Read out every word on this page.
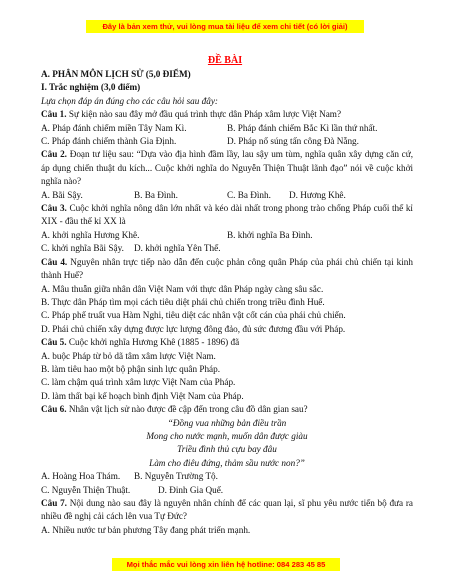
Đây là bản xem thử, vui lòng mua tài liệu để xem chi tiết (có lời giải)
ĐỀ BÀI

A. PHÂN MÔN LỊCH SỬ (5,0 ĐIỂM)

I. Trắc nghiệm (3,0 điểm)

Lựa chọn đáp án đúng cho các câu hỏi sau đây:

Câu 1. Sự kiện nào sau đây mở đầu quá trình thực dân Pháp xâm lược Việt Nam?

A. Pháp đánh chiếm miền Tây Nam Kì.	B. Pháp đánh chiếm Bắc Kì lần thứ nhất.
C. Pháp đánh chiếm thành Gia Định.	D. Pháp nổ súng tấn công Đà Nẵng.

Câu 2. Đoạn tư liệu sau: “Dựa vào địa hình đầm lầy, lau sậy um tùm, nghĩa quân xây dựng căn cứ, áp dụng chiến thuật du kích... Cuộc khởi nghĩa do Nguyễn Thiện Thuật lãnh đạo” nói về cuộc khởi nghĩa nào?

A. Bãi Sậy.	B. Ba Đình.	C. Ba Đình.	D. Hương Khê.

Câu 3. Cuộc khởi nghĩa nông dân lớn nhất và kéo dài nhất trong phong trào chống Pháp cuối thế kỉ XIX - đầu thế kỉ XX là

A. khởi nghĩa Hương Khê.	B. khởi nghĩa Ba Đình.
C. khởi nghĩa Bãi Sậy.	D. khởi nghĩa Yên Thế.

Câu 4. Nguyên nhân trực tiếp nào dẫn đến cuộc phản công quân Pháp của phái chủ chiến tại kinh thành Huế?

A. Mâu thuẫn giữa nhân dân Việt Nam với thực dân Pháp ngày càng sâu sắc.

B. Thực dân Pháp tìm mọi cách tiêu diệt phái chủ chiến trong triều đình Huế.

C. Pháp phế truất vua Hàm Nghi, tiêu diệt các nhân vật cốt cán của phái chủ chiến.

D. Phái chủ chiến xây dựng được lực lượng đông đảo, đủ sức đương đầu với Pháp.

Câu 5. Cuộc khởi nghĩa Hương Khê (1885 - 1896) đã

A. buộc Pháp từ bỏ dã tâm xâm lược Việt Nam.

B. làm tiêu hao một bộ phận sinh lực quân Pháp.

C. làm chậm quá trình xâm lược Việt Nam của Pháp.

D. làm thất bại kế hoạch bình định Việt Nam của Pháp.

Câu 6. Nhân vật lịch sử nào được đề cập đến trong câu đồ dân gian sau?

“Đồng vua những bản điều trần

Mong cho nước mạnh, muốn dân được giàu

Triều đình thủ cựu bay đâu

Làm cho điêu đứng, thảm sầu nước non?”

A. Hoàng Hoa Thám.	B. Nguyễn Trường Tộ.
C. Nguyễn Thiện Thuật.	D. Đinh Gia Quế.

Câu 7. Nội dung nào sau đây là nguyên nhân chính để các quan lại, sĩ phu yêu nước tiến bộ đưa ra nhiều đề nghị cải cách lên vua Tự Đức?

A. Nhiều nước tư bản phương Tây đang phát triển mạnh.

Mọi thắc mắc vui lòng xin liên hệ hotline: 084 283 45 85
